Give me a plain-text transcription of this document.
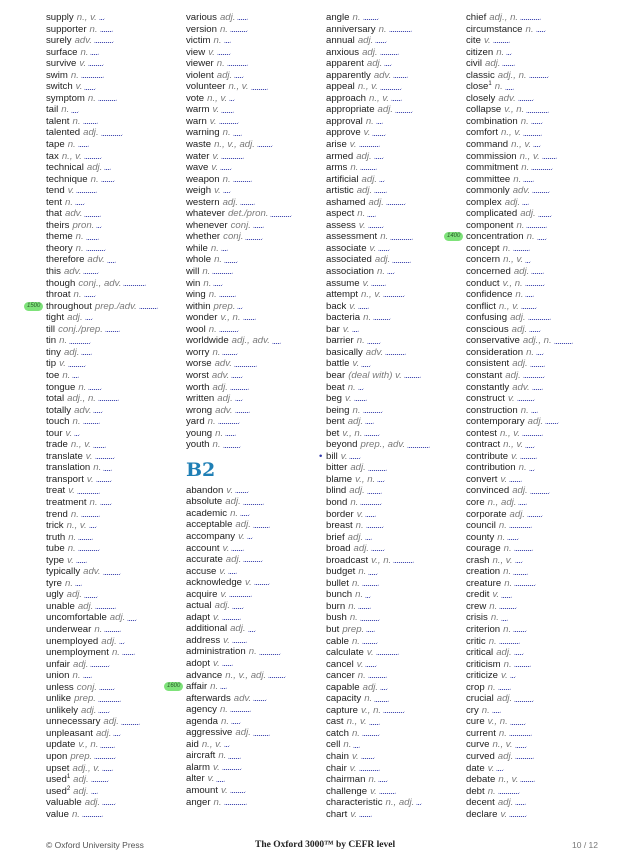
supply n., v.
supporter n.
surely adv.
surface n.
survive v.
swim n.
switch v.
symptom n.
tail n.
talent n.
talented adj.
tape n.
tax n., v.
technical adj.
technique n.
tend v.
tent n.
that adv.
theirs pron.
theme n.
theory n.
therefore adv.
this adv.
though conj., adv.
throat n.
1500 throughout prep./adv.
tight adj.
till conj./prep.
tin n.
tiny adj.
tip v.
toe n.
tongue n.
total adj., n.
totally adv.
touch n.
tour v.
trade n., v.
translate v.
translation n.
transport v.
treat v.
treatment n.
trend n.
trick n., v.
truth n.
tube n.
type v.
typically adv.
tyre n.
ugly adj.
unable adj.
uncomfortable adj.
underwear n.
unemployed adj.
unemployment n.
unfair adj.
union n.
unless conj.
unlike prep.
unlikely adj.
unnecessary adj.
unpleasant adj.
update v., n.
upon prep.
upset adj., v.
used 1 adj.
used 2 adj.
valuable adj.
value n.
various adj.
version n.
victim n.
view v.
viewer n.
violent adj.
volunteer n., v.
vote n., v.
warm v.
warn v.
warning n.
waste n., v., adj.
water v.
wave v.
weapon n.
weigh v.
western adj.
whatever det./pron.
whenever conj.
whether conj.
while n.
whole n.
will n.
win n.
wing n.
within prep.
wonder v., n.
wool n.
worldwide adj., adv.
worry n.
worse adv.
worst adv.
worth adj.
written adj.
wrong adv.
yard n.
young n.
youth n.
B2
abandon v.
absolute adj.
academic n.
acceptable adj.
accompany v.
account v.
accurate adj.
accuse v.
acknowledge v.
acquire v.
actual adj.
adapt v.
additional adj.
address v.
administration n.
adopt v.
advance n., v., adj.
1600 affair n.
afterwards adv.
agency n.
agenda n.
aggressive adj.
aid n., v.
aircraft n.
alarm v.
alter v.
amount v.
anger n.
angle n.
anniversary n.
annual adj.
anxious adj.
apparent adj.
apparently adv.
appeal n., v.
approach n., v.
appropriate adj.
approval n.
approve v.
arise v.
armed adj.
arms n.
artificial adj.
artistic adj.
ashamed adj.
aspect n.
assess v.
assessment n.
associate v.
associated adj.
association n.
assume v.
attempt n., v.
back v.
bacteria n.
bar v.
barrier n.
basically adv.
battle v.
bear (deal with) v.
beat n.
beg v.
being n.
bent adj.
bet v., n.
beyond prep., adv.
• bill v.
bitter adj.
blame v., n.
blind adj.
bond n.
border v.
breast n.
brief adj.
broad adj.
broadcast v., n.
budget n.
bullet n.
bunch n.
burn n.
bush n.
but prep.
cable n.
calculate v.
cancel v.
cancer n.
capable adj.
capacity n.
capture v., n.
cast n., v.
catch n.
cell n.
chain v.
chair v.
chairman n.
challenge v.
characteristic n., adj.
chart v.
chief adj., n.
circumstance n.
cite v.
citizen n.
civil adj.
classic adj., n.
close 1 n.
closely adv.
collapse v., n.
combination n.
comfort n., v.
command n., v.
commission n., v.
commitment n.
committee n.
commonly adv.
complex adj.
complicated adj.
component n.
1400 concentration n.
concept n.
concern n., v.
concerned adj.
conduct v., n.
confidence n.
conflict n., v.
confusing adj.
conscious adj.
conservative adj., n.
consideration n.
consistent adj.
constant adj.
constantly adv.
construct v.
construction n.
contemporary adj.
contest n., v.
contract n., v.
contribute v.
contribution n.
convert v.
convinced adj.
core n., adj.
corporate adj.
council n.
county n.
courage n.
crash n., v.
creation n.
creature n.
credit v.
crew n.
crisis n.
criterion n.
critic n.
critical adj.
criticism n.
criticize v.
crop n.
crucial adj.
cry n.
cure v., n.
current n.
curve n., v.
curved adj.
date v.
debate n., v.
debt n.
decent adj.
declare v.
© Oxford University Press	The Oxford 3000™ by CEFR level	10 / 12
